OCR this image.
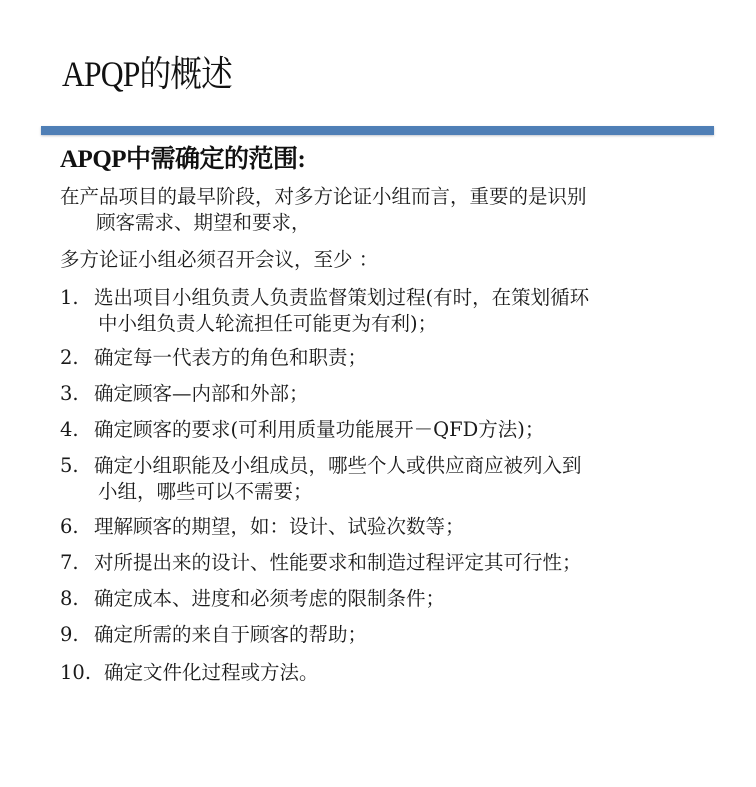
APQP的概述
APQP中需确定的范围:
在产品项目的最早阶段，对多方论证小组而言，重要的是识别
顾客需求、期望和要求，
多方论证小组必须召开会议，至少 ：
1. 选出项目小组负责人负责监督策划过程(有时，在策划循环
中小组负责人轮流担任可能更为有利)；
2. 确定每一代表方的角色和职责；
3. 确定顾客—内部和外部；
4. 确定顾客的要求(可利用质量功能展开－QFD方法)；
5. 确定小组职能及小组成员，哪些个人或供应商应被列入到
小组，哪些可以不需要；
6. 理解顾客的期望，如：设计、试验次数等；
7. 对所提出来的设计、性能要求和制造过程评定其可行性；
8. 确定成本、进度和必须考虑的限制条件；
9. 确定所需的来自于顾客的帮助；
10. 确定文件化过程或方法。
